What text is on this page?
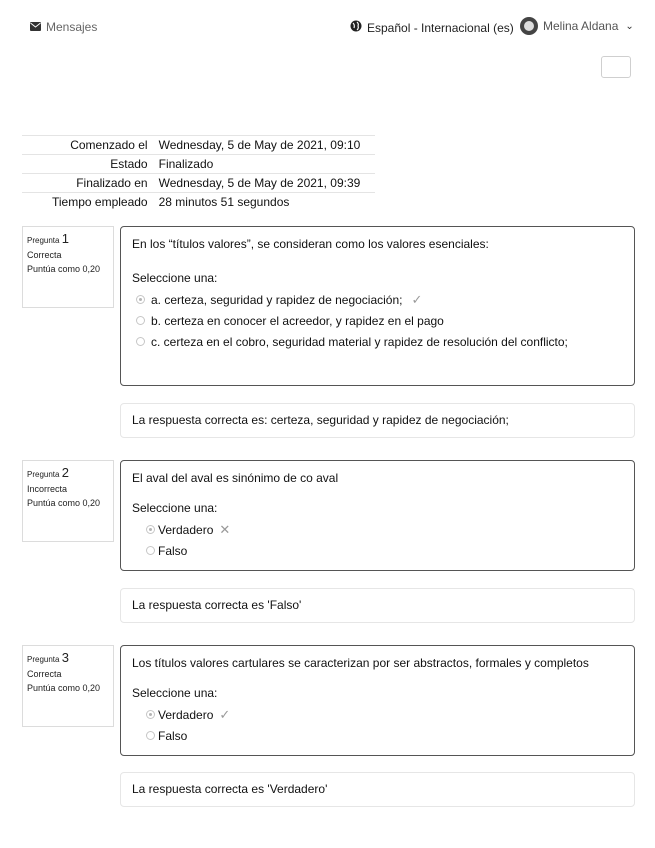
Mensajes	Español - Internacional (es) Melina Aldana ⌄
Comenzado el	Wednesday, 5 de May de 2021, 09:10
Estado	Finalizado
Finalizado en	Wednesday, 5 de May de 2021, 09:39
Tiempo empleado	28 minutos 51 segundos
Pregunta 1
Correcta
Puntúa como 0,20
En los “títulos valores”, se consideran como los valores esenciales:
Seleccione una:
a. certeza, seguridad y rapidez de negociación; ✓
b. certeza en conocer el acreedor, y rapidez en el pago
c. certeza en el cobro, seguridad material y rapidez de resolución del conflicto;
La respuesta correcta es: certeza, seguridad y rapidez de negociación;
Pregunta 2
Incorrecta
Puntúa como 0,20
El aval del aval es sinónimo de co aval
Seleccione una:
Verdadero ✕
Falso
La respuesta correcta es 'Falso'
Pregunta 3
Correcta
Puntúa como 0,20
Los títulos valores cartulares se caracterizan por ser abstractos, formales y completos
Seleccione una:
Verdadero ✓
Falso
La respuesta correcta es 'Verdadero'
